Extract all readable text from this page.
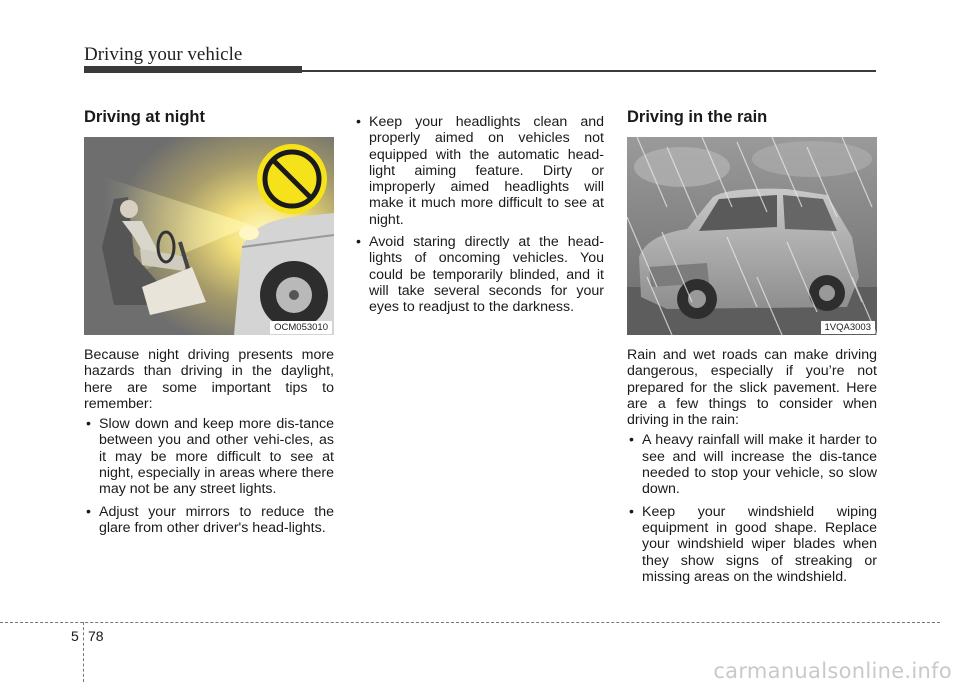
Driving your vehicle
Driving at night
OCM053010

Because night driving presents more hazards than driving in the daylight, here are some important tips to remember:

• Slow down and keep more dis-tance between you and other vehi-cles, as it may be more difficult to see at night, especially in areas where there may not be any street lights.
• Adjust your mirrors to reduce the glare from other driver's head-lights.
• Keep your headlights clean and properly aimed on vehicles not equipped with the automatic head-light aiming feature. Dirty or improperly aimed headlights will make it much more difficult to see at night.
• Avoid staring directly at the head-lights of oncoming vehicles. You could be temporarily blinded, and it will take several seconds for your eyes to readjust to the darkness.
Driving in the rain
1VQA3003

Rain and wet roads can make driving dangerous, especially if you’re not prepared for the slick pavement. Here are a few things to consider when driving in the rain:

• A heavy rainfall will make it harder to see and will increase the dis-tance needed to stop your vehicle, so slow down.
• Keep your windshield wiping equipment in good shape. Replace your windshield wiper blades when they show signs of streaking or missing areas on the windshield.
5 78
carmanualsonline.info
